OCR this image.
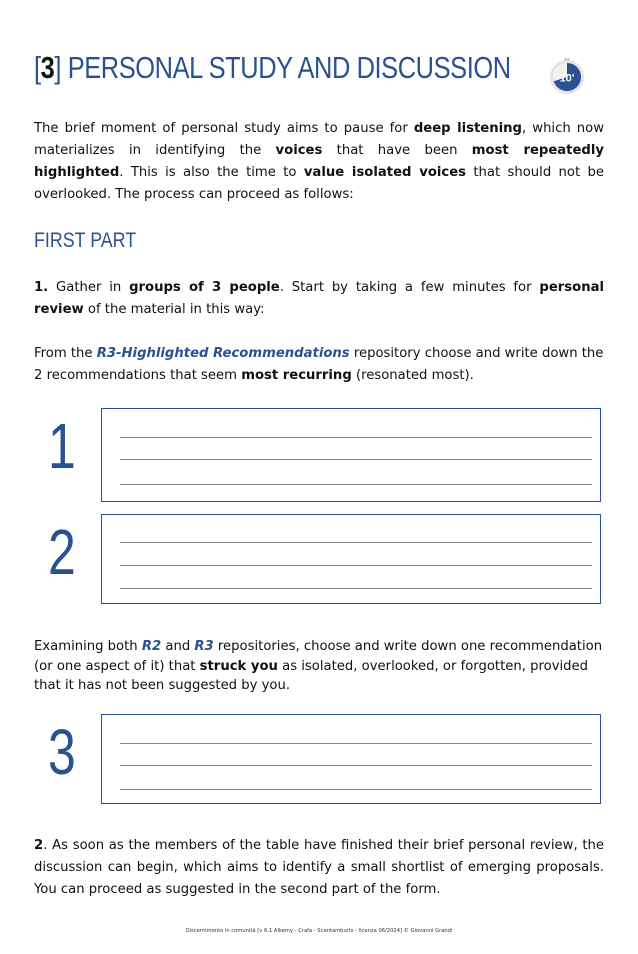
[3] PERSONAL STUDY AND DISCUSSION	10'

The brief moment of personal study aims to pause for deep listening, which now materializes in identifying the voices that have been most repeatedly highlighted. This is also the time to value isolated voices that should not be overlooked. The process can proceed as follows:

FIRST PART

1. Gather in groups of 3 people. Start by taking a few minutes for personal review of the material in this way:

From the R3-Highlighted Recommendations repository choose and write down the 2 recommendations that seem most recurring (resonated most).

1
2

Examining both R2 and R3 repositories, choose and write down one recommendation (or one aspect of it) that struck you as isolated, overlooked, or forgotten, provided that it has not been suggested by you.

3

2. As soon as the members of the table have finished their brief personal review, the discussion can begin, which aims to identify a small shortlist of emerging proposals. You can proceed as suggested in the second part of the form.

Discernimento in comunità [v 6.1 Alkemy - Crafa - Scantamburlo - licenza 06/2024] © Giovanni Grandi
